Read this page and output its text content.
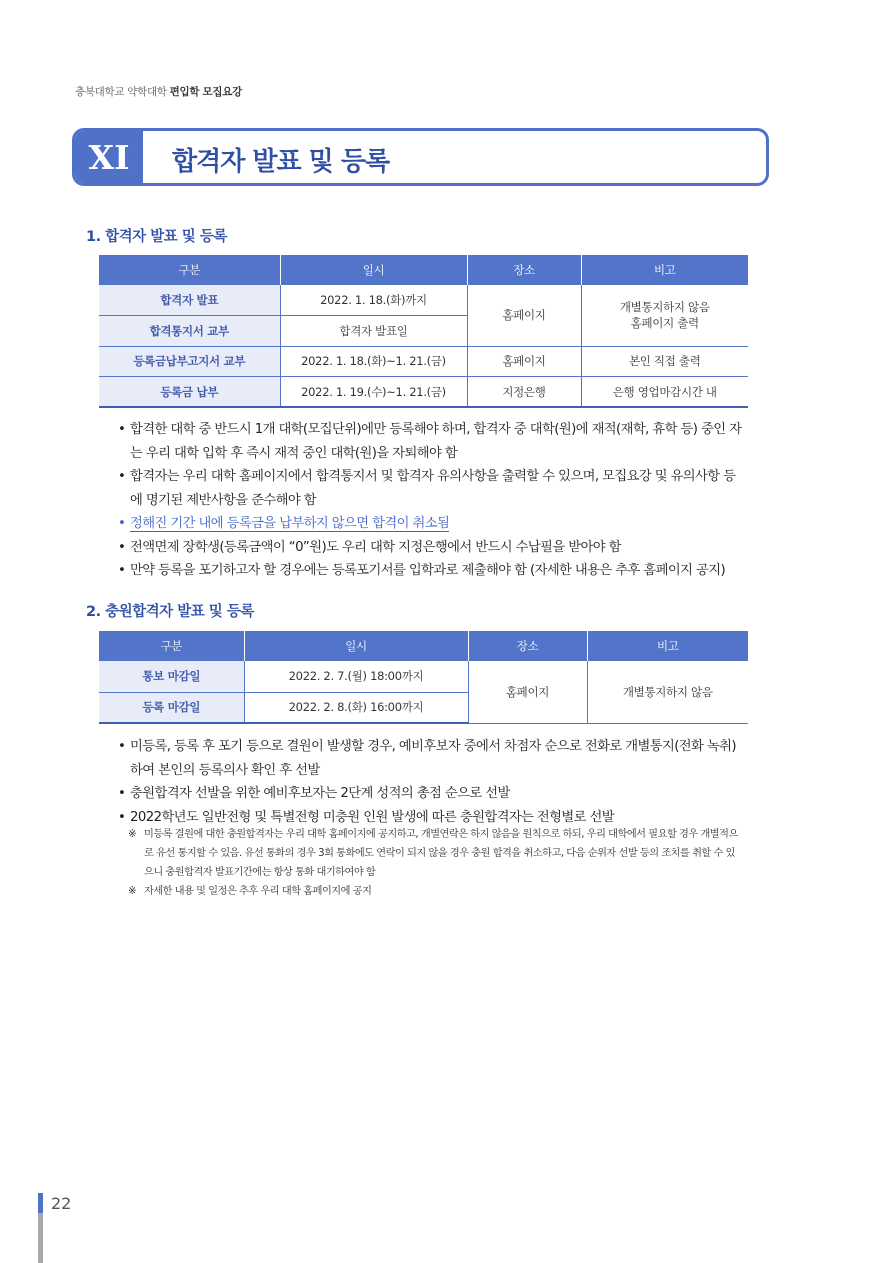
충북대학교 약학대학 편입학 모집요강
XI	합격자 발표 및 등록
1. 합격자 발표 및 등록
구분	일시	장소	비고
합격자 발표	2022. 1. 18.(화)까지	홈페이지	개별통지하지 않음
홈페이지 출력

합격통지서 교부	합격자 발표일		
등록금납부고지서 교부	2022. 1. 18.(화)~1. 21.(금)	홈페이지	본인 직접 출력
등록금 납부	2022. 1. 19.(수)~1. 21.(금)	지정은행	은행 영업마감시간 내
• 합격한 대학 중 반드시 1개 대학(모집단위)에만 등록해야 하며, 합격자 중 대학(원)에 재적(재학, 휴학 등) 중인 자는 우리 대학 입학 후 즉시 재적 중인 대학(원)을 자퇴해야 함
• 합격자는 우리 대학 홈페이지에서 합격통지서 및 합격자 유의사항을 출력할 수 있으며, 모집요강 및 유의사항 등에 명기된 제반사항을 준수해야 함
• 정해진 기간 내에 등록금을 납부하지 않으면 합격이 취소됨
• 전액면제 장학생(등록금액이 “0”원)도 우리 대학 지정은행에서 반드시 수납필을 받아야 함
• 만약 등록을 포기하고자 할 경우에는 등록포기서를 입학과로 제출해야 함 (자세한 내용은 추후 홈페이지 공지)
2. 충원합격자 발표 및 등록
구분	일시	장소	비고
통보 마감일	2022. 2. 7.(월) 18:00까지	홈페이지	개별통지하지 않음
등록 마감일	2022. 2. 8.(화) 16:00까지		
• 미등록, 등록 후 포기 등으로 결원이 발생할 경우, 예비후보자 중에서 차점자 순으로 전화로 개별통지(전화 녹취)하여 본인의 등록의사 확인 후 선발
• 충원합격자 선발을 위한 예비후보자는 2단계 성적의 총점 순으로 선발
• 2022학년도 일반전형 및 특별전형 미충원 인원 발생에 따른 충원합격자는 전형별로 선발

※ 미등록 결원에 대한 충원합격자는 우리 대학 홈페이지에 공지하고, 개별연락은 하지 않음을 원칙으로 하되, 우리 대학에서 필요할 경우 개별적으로 유선 통지할 수 있음. 유선 통화의 경우 3회 통화에도 연락이 되지 않을 경우 충원 합격을 취소하고, 다음 순위자 선발 등의 조치를 취할 수 있으니 충원합격자 발표기간에는 항상 통화 대기하여야 함

※ 자세한 내용 및 일정은 추후 우리 대학 홈페이지에 공지

22
